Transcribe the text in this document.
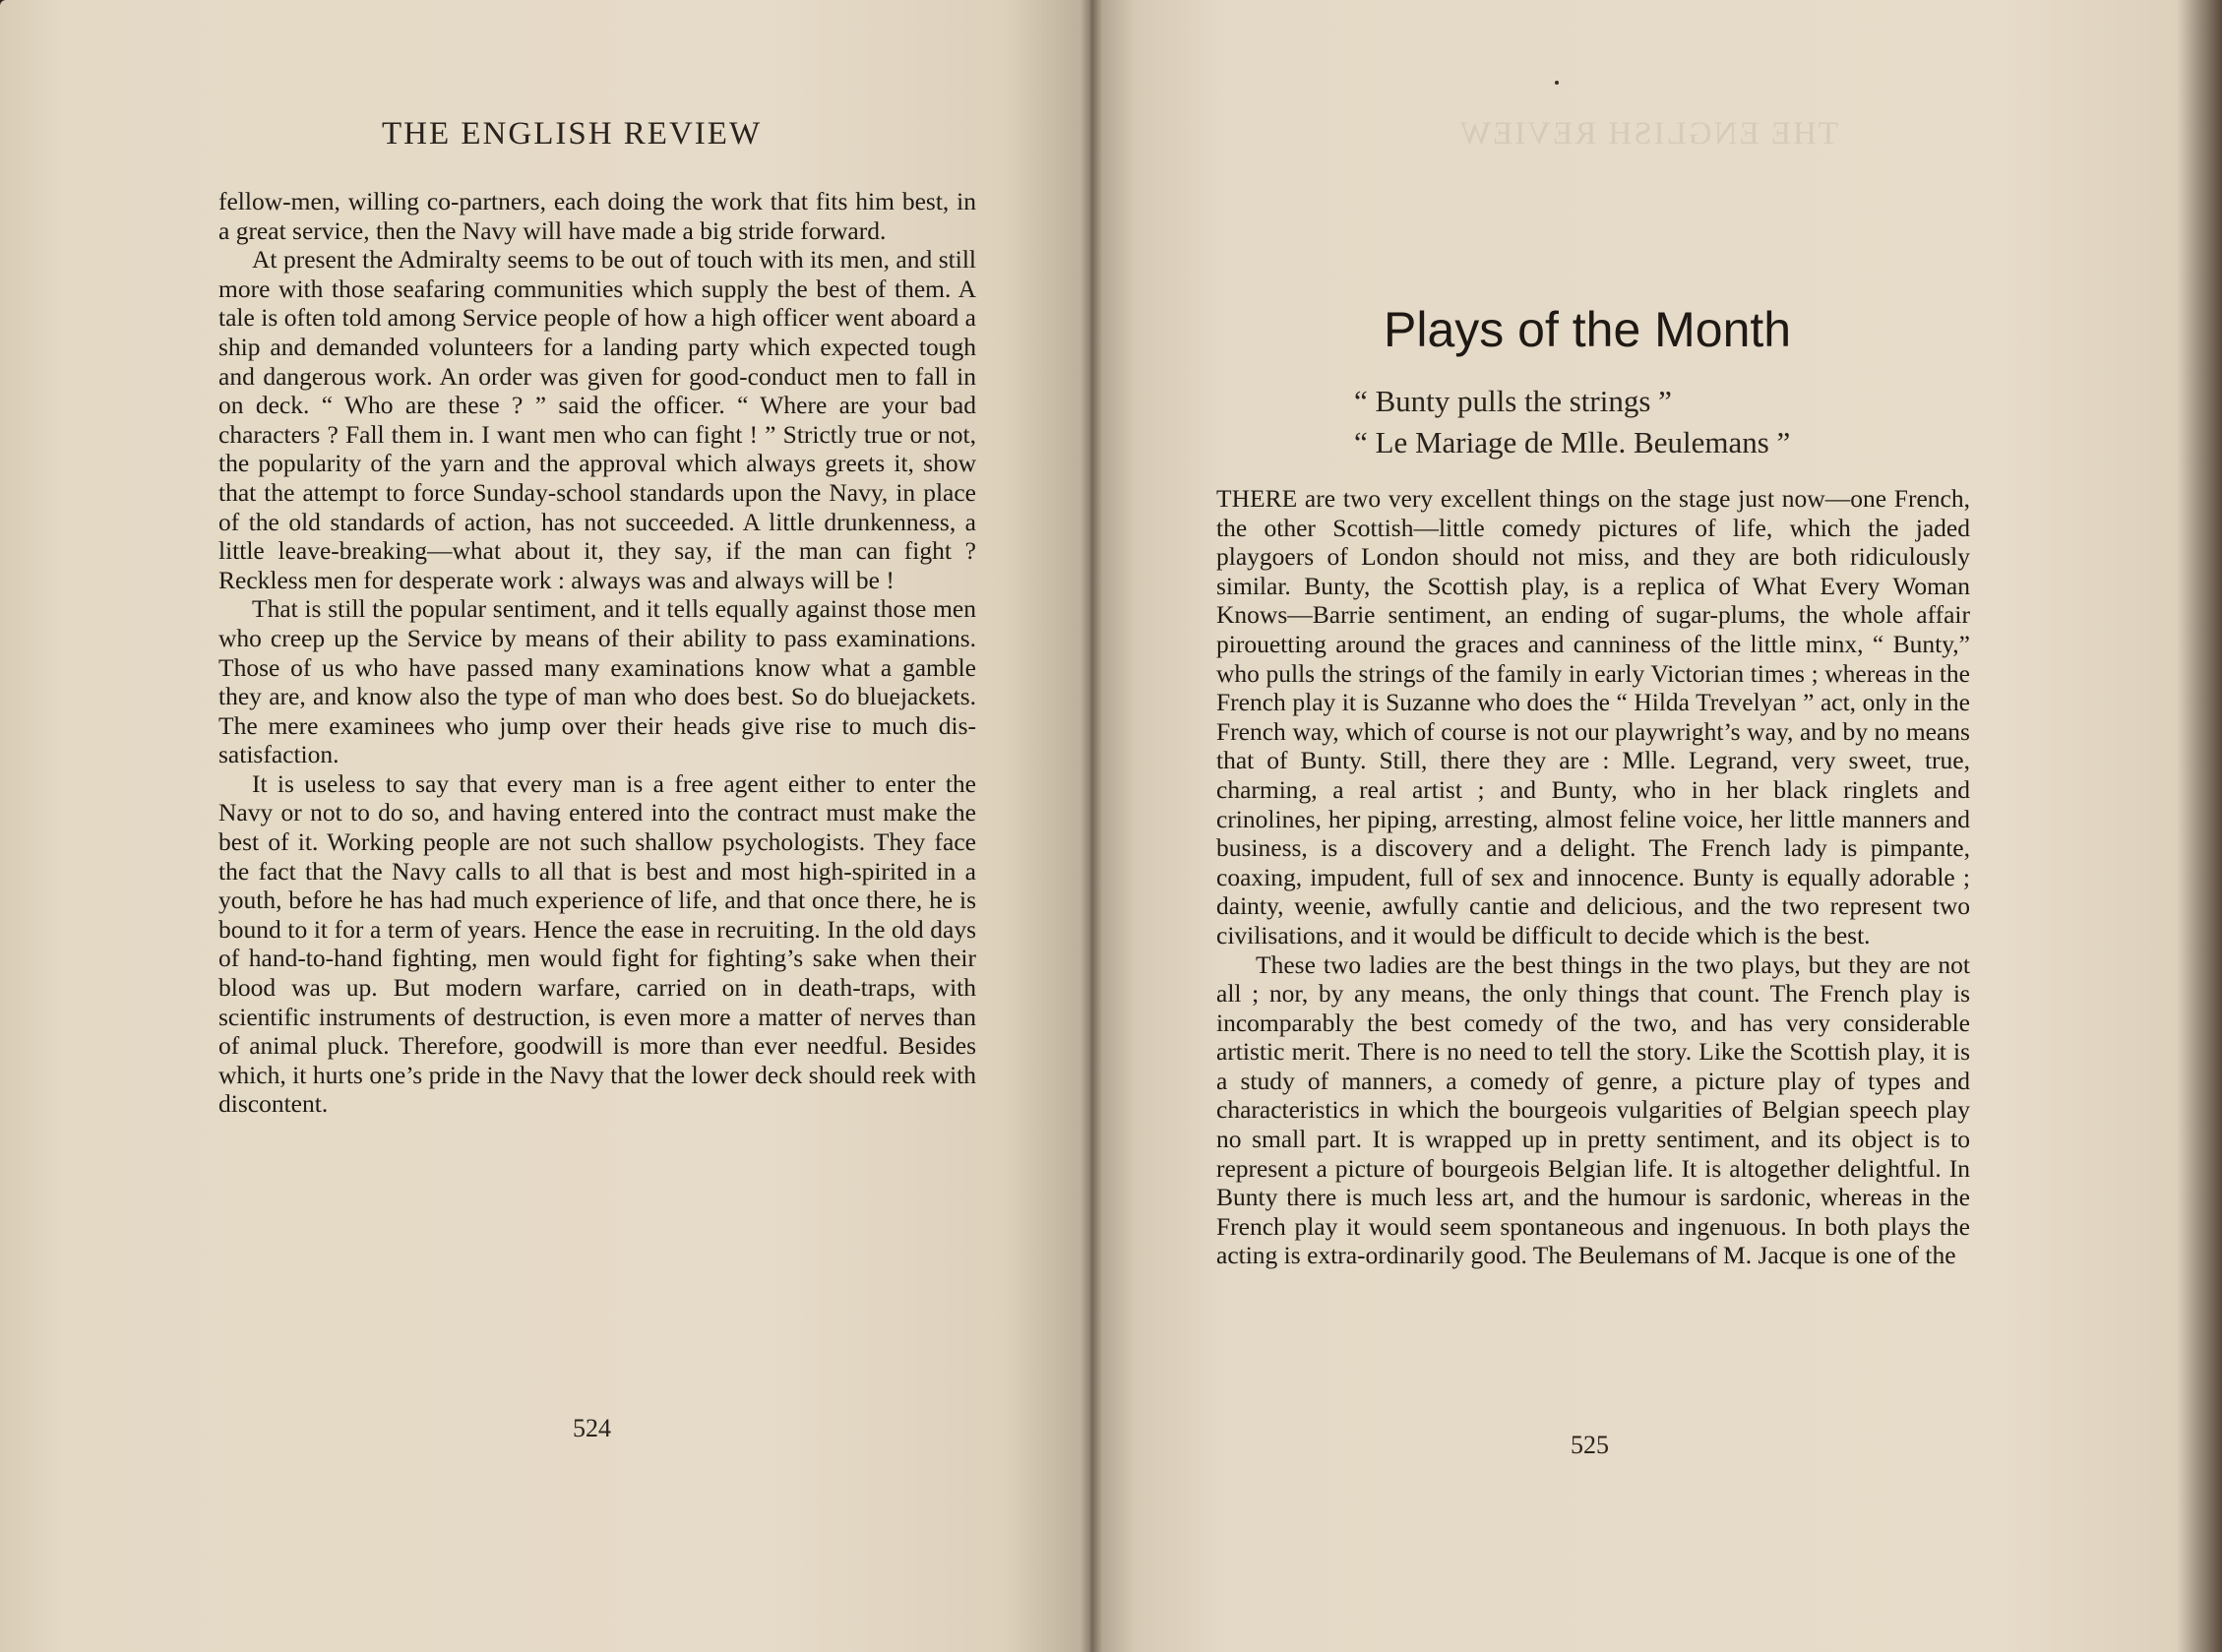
THE ENGLISH REVIEW

fellow-men, willing co-partners, each doing the work that fits him best, in a great service, then the Navy will have made a big stride forward.

At present the Admiralty seems to be out of touch with its men, and still more with those seafaring communities which supply the best of them. A tale is often told among Service people of how a high officer went aboard a ship and demanded volunteers for a landing party which expected tough and dangerous work. An order was given for good-conduct men to fall in on deck. “ Who are these ? ” said the officer. “ Where are your bad characters ? Fall them in. I want men who can fight ! ” Strictly true or not, the popularity of the yarn and the approval which always greets it, show that the attempt to force Sunday-school standards upon the Navy, in place of the old standards of action, has not succeeded. A little drunkenness, a little leave-breaking—what about it, they say, if the man can fight ? Reckless men for desperate work : always was and always will be !

That is still the popular sentiment, and it tells equally against those men who creep up the Service by means of their ability to pass examinations. Those of us who have passed many examinations know what a gamble they are, and know also the type of man who does best. So do bluejackets. The mere examinees who jump over their heads give rise to much dis-satisfaction.

It is useless to say that every man is a free agent either to enter the Navy or not to do so, and having entered into the contract must make the best of it. Working people are not such shallow psychologists. They face the fact that the Navy calls to all that is best and most high-spirited in a youth, before he has had much experience of life, and that once there, he is bound to it for a term of years. Hence the ease in recruiting. In the old days of hand-to-hand fighting, men would fight for fighting’s sake when their blood was up. But modern warfare, carried on in death-traps, with scientific instruments of destruction, is even more a matter of nerves than of animal pluck. Therefore, goodwill is more than ever needful. Besides which, it hurts one’s pride in the Navy that the lower deck should reek with discontent.

524
THE ENGLISH REVIEW
Plays of the Month
“ Bunty pulls the strings ”
“ Le Mariage de Mlle. Beulemans ”

THERE are two very excellent things on the stage just now—one French, the other Scottish—little comedy pictures of life, which the jaded playgoers of London should not miss, and they are both ridiculously similar. Bunty, the Scottish play, is a replica of What Every Woman Knows—Barrie sentiment, an ending of sugar-plums, the whole affair pirouetting around the graces and canniness of the little minx, “ Bunty,” who pulls the strings of the family in early Victorian times ; whereas in the French play it is Suzanne who does the “ Hilda Trevelyan ” act, only in the French way, which of course is not our playwright’s way, and by no means that of Bunty. Still, there they are : Mlle. Legrand, very sweet, true, charming, a real artist ; and Bunty, who in her black ringlets and crinolines, her piping, arresting, almost feline voice, her little manners and business, is a discovery and a delight. The French lady is pimpante, coaxing, impudent, full of sex and innocence. Bunty is equally adorable ; dainty, weenie, awfully cantie and delicious, and the two represent two civilisations, and it would be difficult to decide which is the best.

These two ladies are the best things in the two plays, but they are not all ; nor, by any means, the only things that count. The French play is incomparably the best comedy of the two, and has very considerable artistic merit. There is no need to tell the story. Like the Scottish play, it is a study of manners, a comedy of genre, a picture play of types and characteristics in which the bourgeois vulgarities of Belgian speech play no small part. It is wrapped up in pretty sentiment, and its object is to represent a picture of bourgeois Belgian life. It is altogether delightful. In Bunty there is much less art, and the humour is sardonic, whereas in the French play it would seem spontaneous and ingenuous. In both plays the acting is extra-ordinarily good. The Beulemans of M. Jacque is one of the

525
